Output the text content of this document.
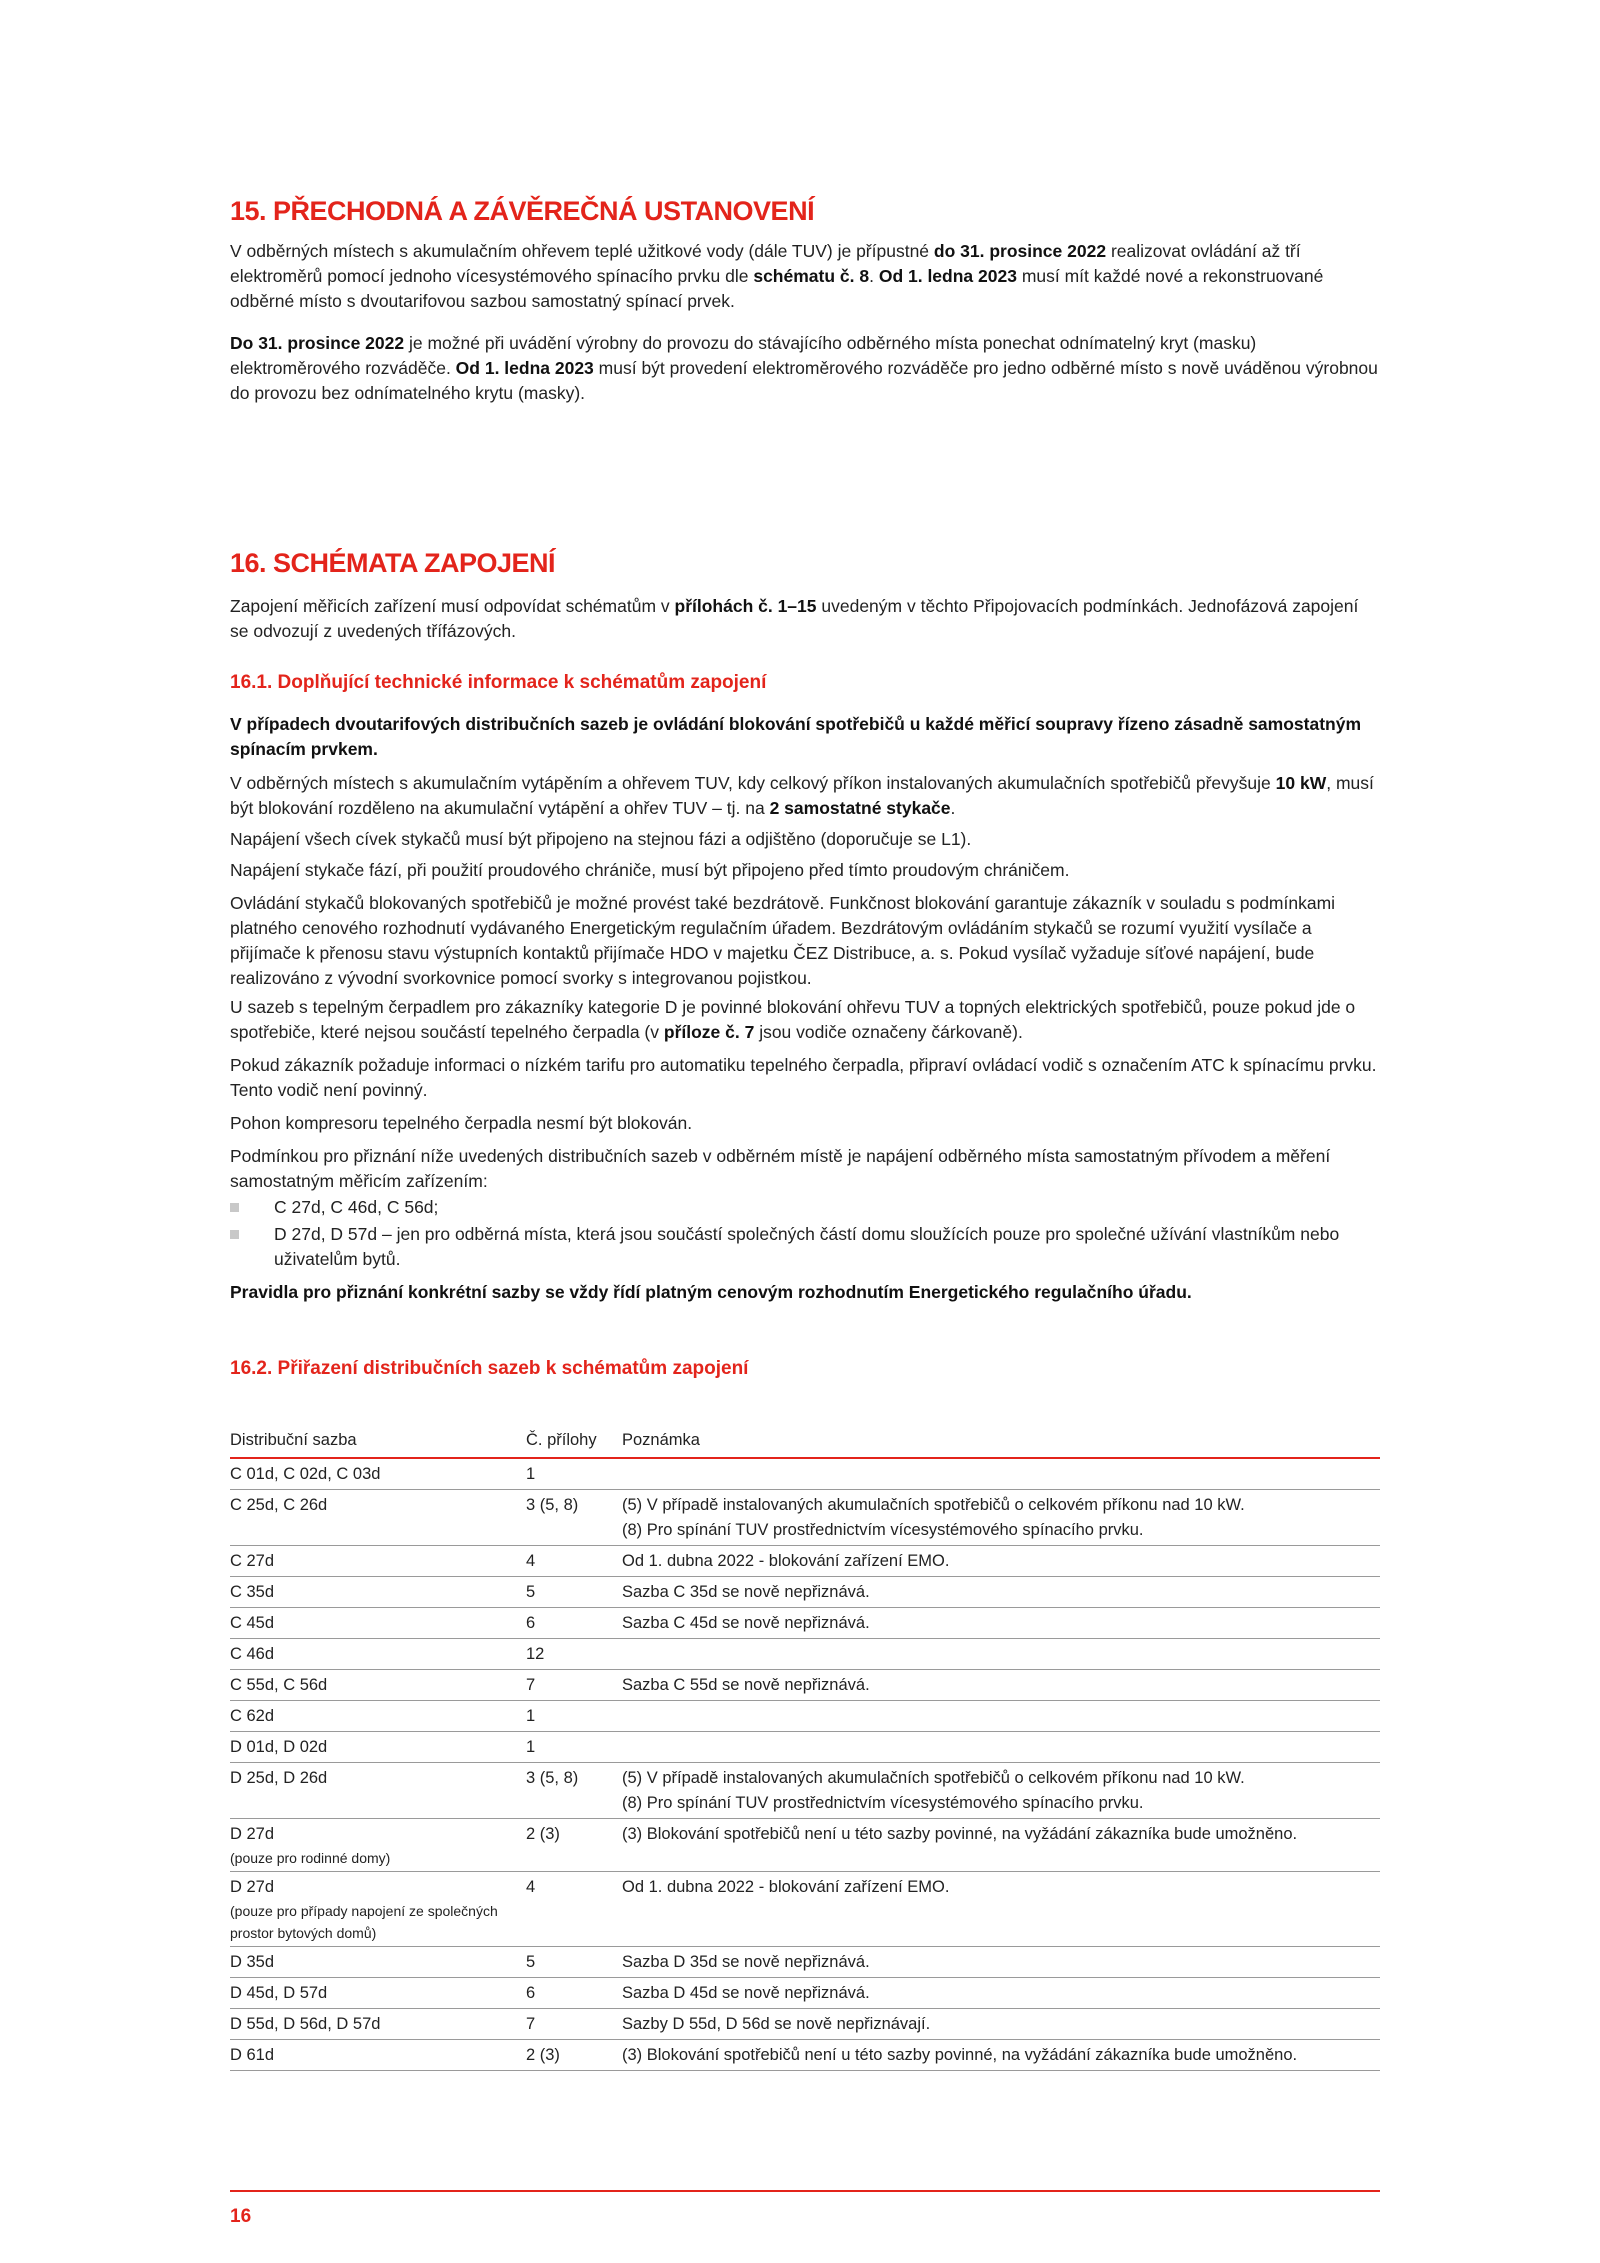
15. PŘECHODNÁ A ZÁVĚREČNÁ USTANOVENÍ

V odběrných místech s akumulačním ohřevem teplé užitkové vody (dále TUV) je přípustné do 31. prosince 2022 realizovat ovládání až tří elektroměrů pomocí jednoho vícesystémového spínacího prvku dle schématu č. 8. Od 1. ledna 2023 musí mít každé nové a rekonstruované odběrné místo s dvoutarifovou sazbou samostatný spínací prvek.

Do 31. prosince 2022 je možné při uvádění výrobny do provozu do stávajícího odběrného místa ponechat odnímatelný kryt (masku) elektroměrového rozváděče. Od 1. ledna 2023 musí být provedení elektroměrového rozváděče pro jedno odběrné místo s nově uváděnou výrobnou do provozu bez odnímatelného krytu (masky).

16. SCHÉMATA ZAPOJENÍ

Zapojení měřicích zařízení musí odpovídat schématům v přílohách č. 1–15 uvedeným v těchto Připojovacích podmínkách. Jednofázová zapojení se odvozují z uvedených třífázových.

16.1. Doplňující technické informace k schématům zapojení

V případech dvoutarifových distribučních sazeb je ovládání blokování spotřebičů u každé měřicí soupravy řízeno zásadně samostatným spínacím prvkem.

V odběrných místech s akumulačním vytápěním a ohřevem TUV, kdy celkový příkon instalovaných akumulačních spotřebičů převyšuje 10 kW, musí být blokování rozděleno na akumulační vytápění a ohřev TUV – tj. na 2 samostatné stykače.

Napájení všech cívek stykačů musí být připojeno na stejnou fázi a odjištěno (doporučuje se L1).

Napájení stykače fází, při použití proudového chrániče, musí být připojeno před tímto proudovým chráničem.

Ovládání stykačů blokovaných spotřebičů je možné provést také bezdrátově. Funkčnost blokování garantuje zákazník v souladu s podmínkami platného cenového rozhodnutí vydávaného Energetickým regulačním úřadem. Bezdrátovým ovládáním stykačů se rozumí využití vysílače a přijímače k přenosu stavu výstupních kontaktů přijímače HDO v majetku ČEZ Distribuce, a. s. Pokud vysílač vyžaduje síťové napájení, bude realizováno z vývodní svorkovnice pomocí svorky s integrovanou pojistkou.

U sazeb s tepelným čerpadlem pro zákazníky kategorie D je povinné blokování ohřevu TUV a topných elektrických spotřebičů, pouze pokud jde o spotřebiče, které nejsou součástí tepelného čerpadla (v příloze č. 7 jsou vodiče označeny čárkovaně).

Pokud zákazník požaduje informaci o nízkém tarifu pro automatiku tepelného čerpadla, připraví ovládací vodič s označením ATC k spínacímu prvku. Tento vodič není povinný.

Pohon kompresoru tepelného čerpadla nesmí být blokován.

Podmínkou pro přiznání níže uvedených distribučních sazeb v odběrném místě je napájení odběrného místa samostatným přívodem a měření samostatným měřicím zařízením:

C 27d, C 46d, C 56d;
D 27d, D 57d – jen pro odběrná místa, která jsou součástí společných částí domu sloužících pouze pro společné užívání vlastníkům nebo uživatelům bytů.

Pravidla pro přiznání konkrétní sazby se vždy řídí platným cenovým rozhodnutím Energetického regulačního úřadu.

16.2. Přiřazení distribučních sazeb k schématům zapojení
Distribuční sazba	Č. přílohy	Poznámka
C 01d, C 02d, C 03d	1	
C 25d, C 26d	3 (5, 8)	(5) V případě instalovaných akumulačních spotřebičů o celkovém příkonu nad 10 kW.
(8) Pro spínání TUV prostřednictvím vícesystémového spínacího prvku.

C 27d	4	Od 1. dubna 2022 - blokování zařízení EMO.

C 35d	5	Sazba C 35d se nově nepřiznává.

C 45d	6	Sazba C 45d se nově nepřiznává.

C 46d	12	
C 55d, C 56d	7	Sazba C 55d se nově nepřiznává.

C 62d	1	
D 01d, D 02d	1	
D 25d, D 26d	3 (5, 8)	(5) V případě instalovaných akumulačních spotřebičů o celkovém příkonu nad 10 kW.
(8) Pro spínání TUV prostřednictvím vícesystémového spínacího prvku.

D 27d
(pouze pro rodinné domy)	2 (3)	(3) Blokování spotřebičů není u této sazby povinné, na vyžádání zákazníka bude umožněno.

D 27d
(pouze pro případy napojení ze společných prostor bytových domů)	4	Od 1. dubna 2022 - blokování zařízení EMO.

D 35d	5	Sazba D 35d se nově nepřiznává.

D 45d, D 57d	6	Sazba D 45d se nově nepřiznává.

D 55d, D 56d, D 57d	7	Sazby D 55d, D 56d se nově nepřiznávají.

D 61d	2 (3)	(3) Blokování spotřebičů není u této sazby povinné, na vyžádání zákazníka bude umožněno.
16
